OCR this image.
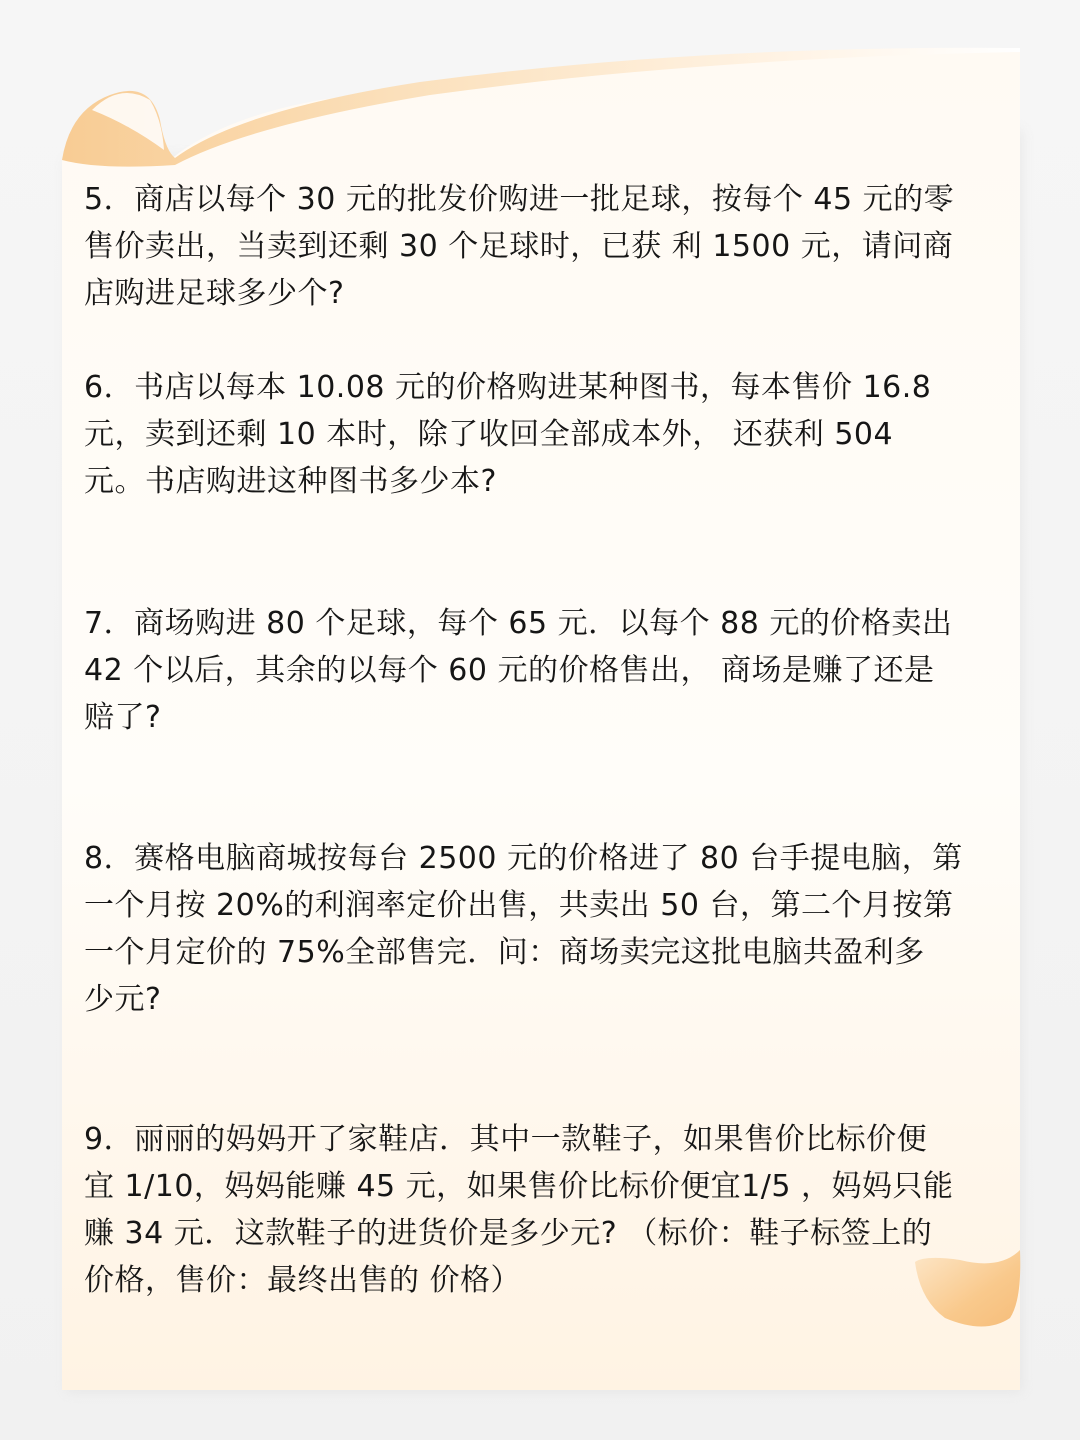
5．商店以每个 30 元的批发价购进一批足球，按每个 45 元的零

售价卖出，当卖到还剩 30 个足球时，已获 利 1500 元，请问商

店购进足球多少个?

6．书店以每本 10.08 元的价格购进某种图书，每本售价 16.8

元，卖到还剩 10 本时，除了收回全部成本外， 还获利 504

元。书店购进这种图书多少本?

7．商场购进 80 个足球，每个 65 元．以每个 88 元的价格卖出

42 个以后，其余的以每个 60 元的价格售出， 商场是赚了还是

赔了?

8．赛格电脑商城按每台 2500 元的价格进了 80 台手提电脑，第

一个月按 20%的利润率定价出售，共卖出 50 台，第二个月按第

一个月定价的 75%全部售完．问：商场卖完这批电脑共盈利多

少元?

9．丽丽的妈妈开了家鞋店．其中一款鞋子，如果售价比标价便

宜 1/10，妈妈能赚 45 元，如果售价比标价便宜1/5 ，妈妈只能

赚 34 元．这款鞋子的进货价是多少元? （标价：鞋子标签上的

价格，售价：最终出售的 价格）
